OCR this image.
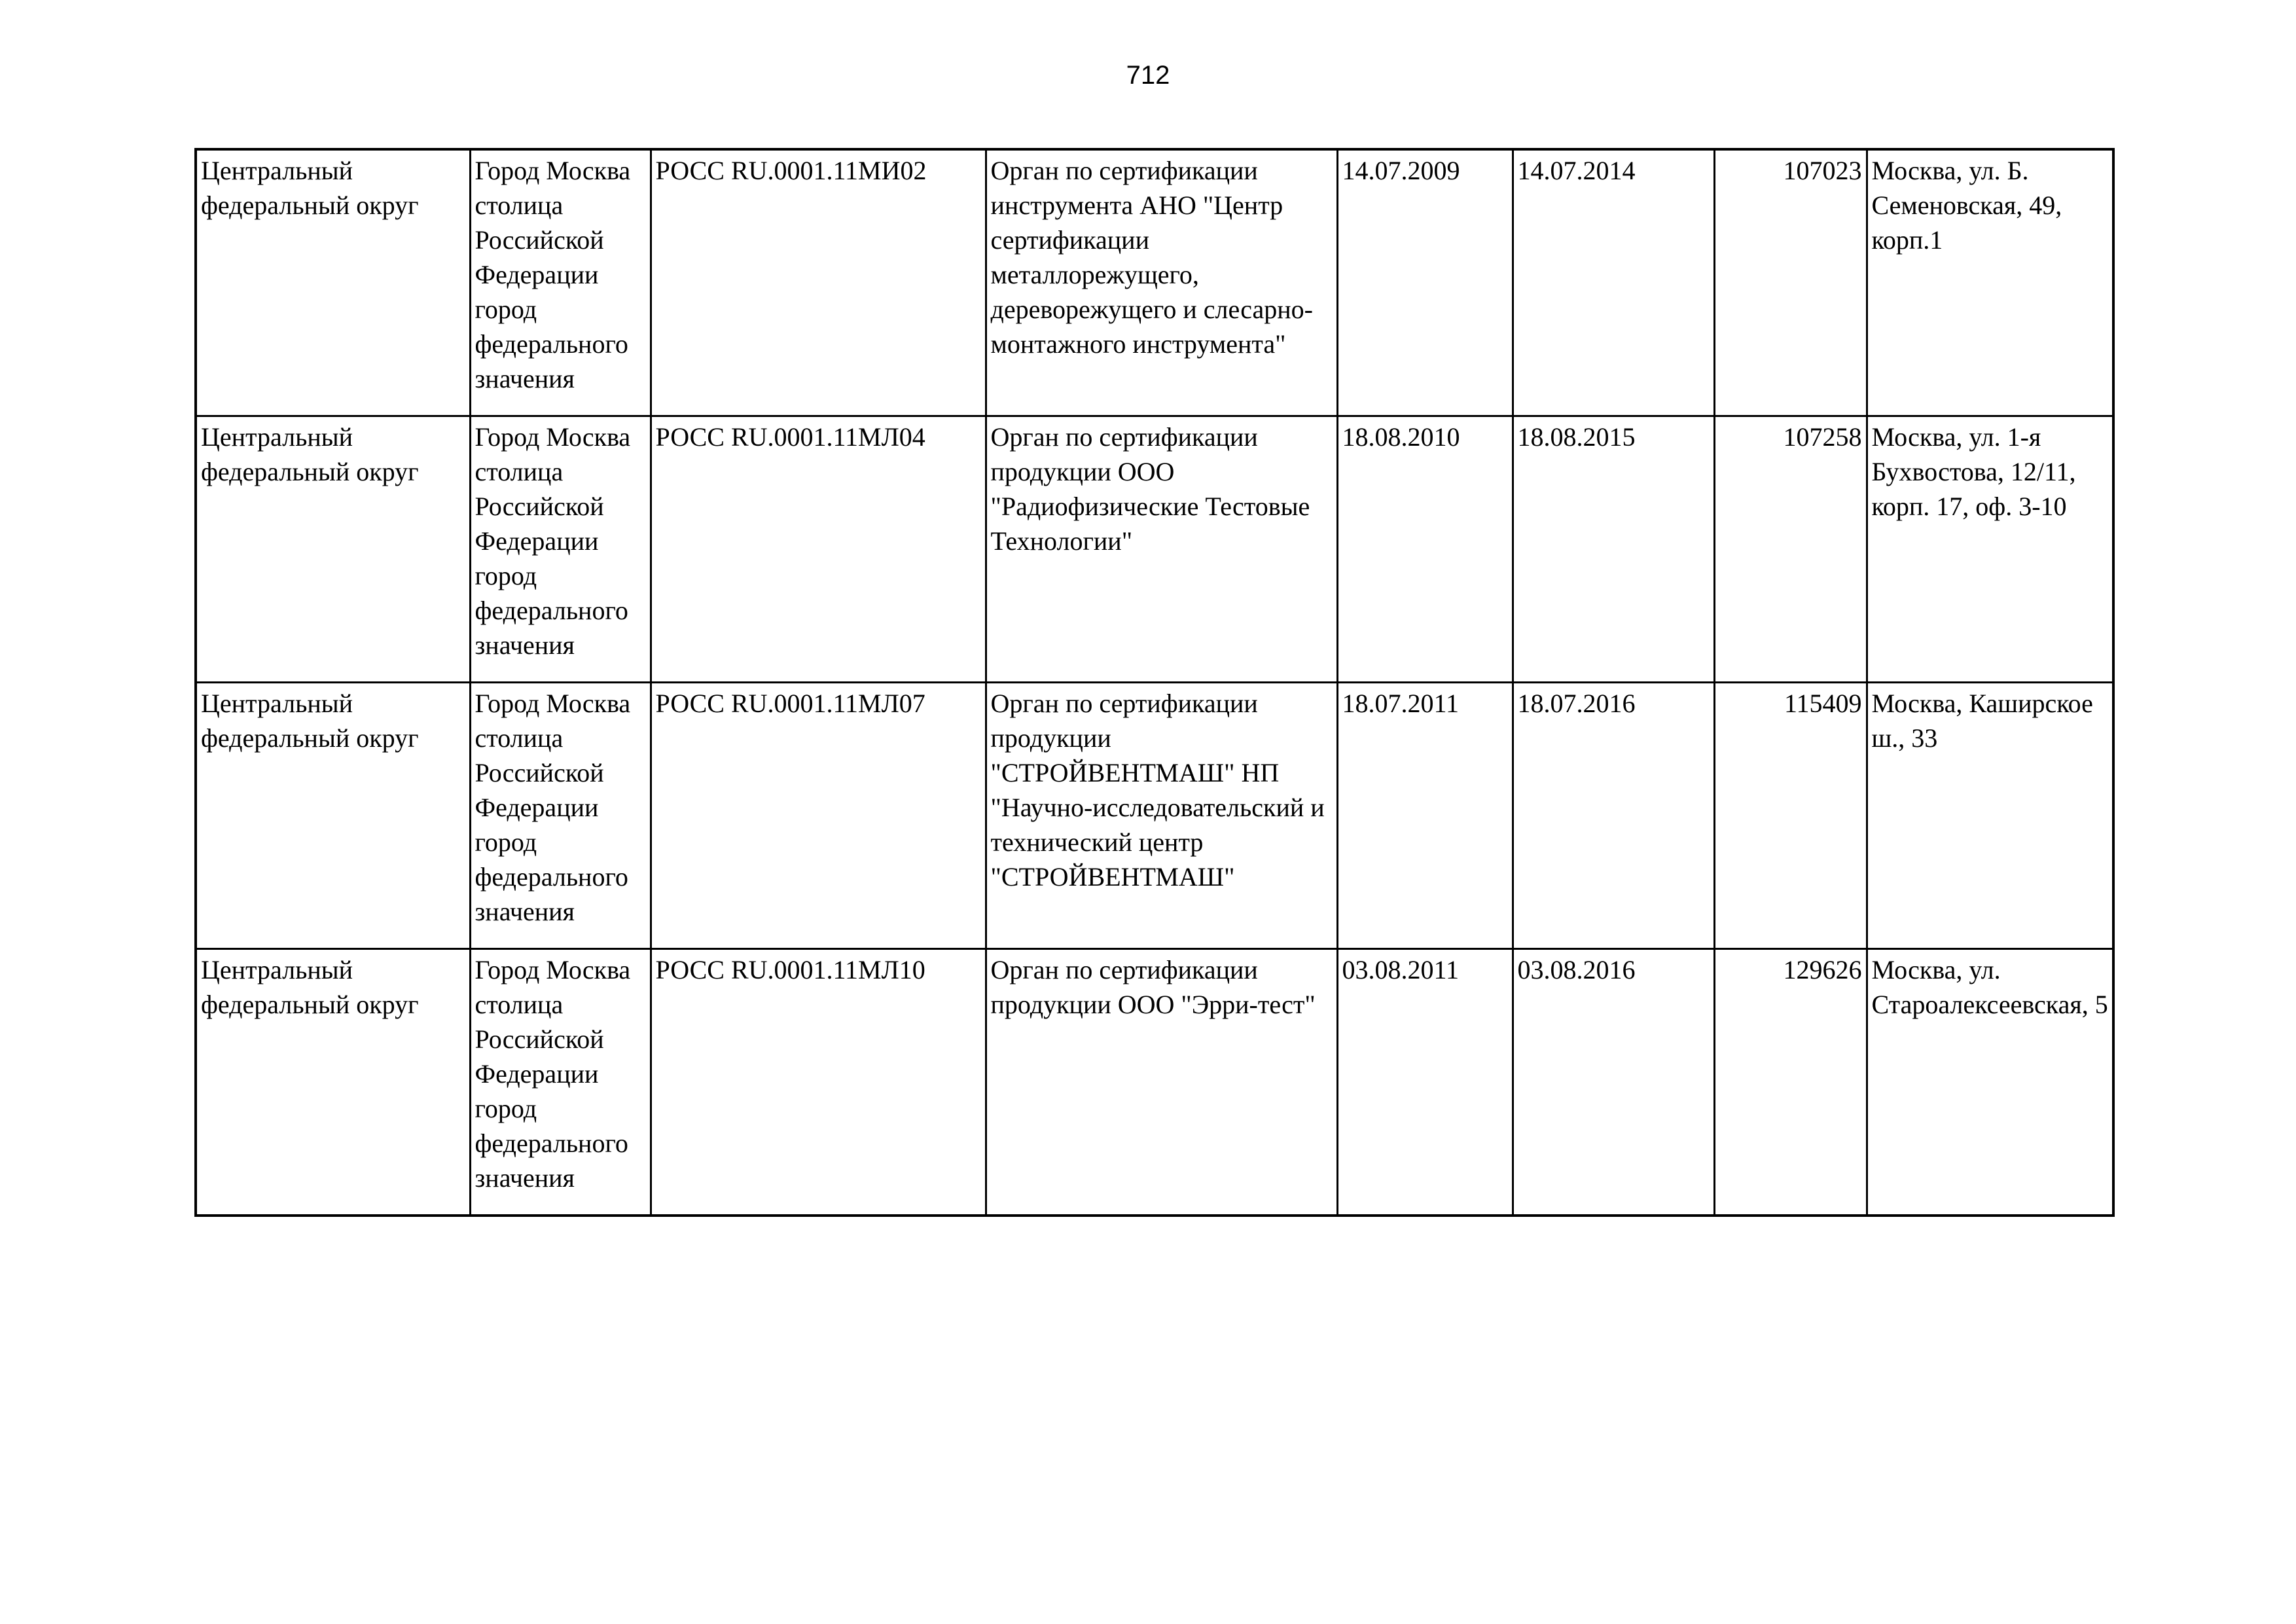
712
Центральный федеральный округ	Город Москва столица Российской Федерации город федерального значения	РОСС RU.0001.11МИ02	Орган по сертификации инструмента АНО "Центр сертификации металлорежущего, дереворежущего и слесарно-монтажного инструмента"	14.07.2009	14.07.2014	107023	Москва, ул. Б. Семеновская, 49, корп.1
Центральный федеральный округ	Город Москва столица Российской Федерации город федерального значения	РОСС RU.0001.11МЛ04	Орган по сертификации продукции ООО "Радиофизические Тестовые Технологии"	18.08.2010	18.08.2015	107258	Москва, ул. 1-я Бухвостова, 12/11, корп. 17, оф. 3-10
Центральный федеральный округ	Город Москва столица Российской Федерации город федерального значения	РОСС RU.0001.11МЛ07	Орган по сертификации продукции "СТРОЙВЕНТМАШ" НП "Научно-исследовательский и технический центр "СТРОЙВЕНТМАШ"	18.07.2011	18.07.2016	115409	Москва, Каширское ш., 33
Центральный федеральный округ	Город Москва столица Российской Федерации город федерального значения	РОСС RU.0001.11МЛ10	Орган по сертификации продукции ООО "Эрри-тест"	03.08.2011	03.08.2016	129626	Москва, ул. Староалексеевская, 5
